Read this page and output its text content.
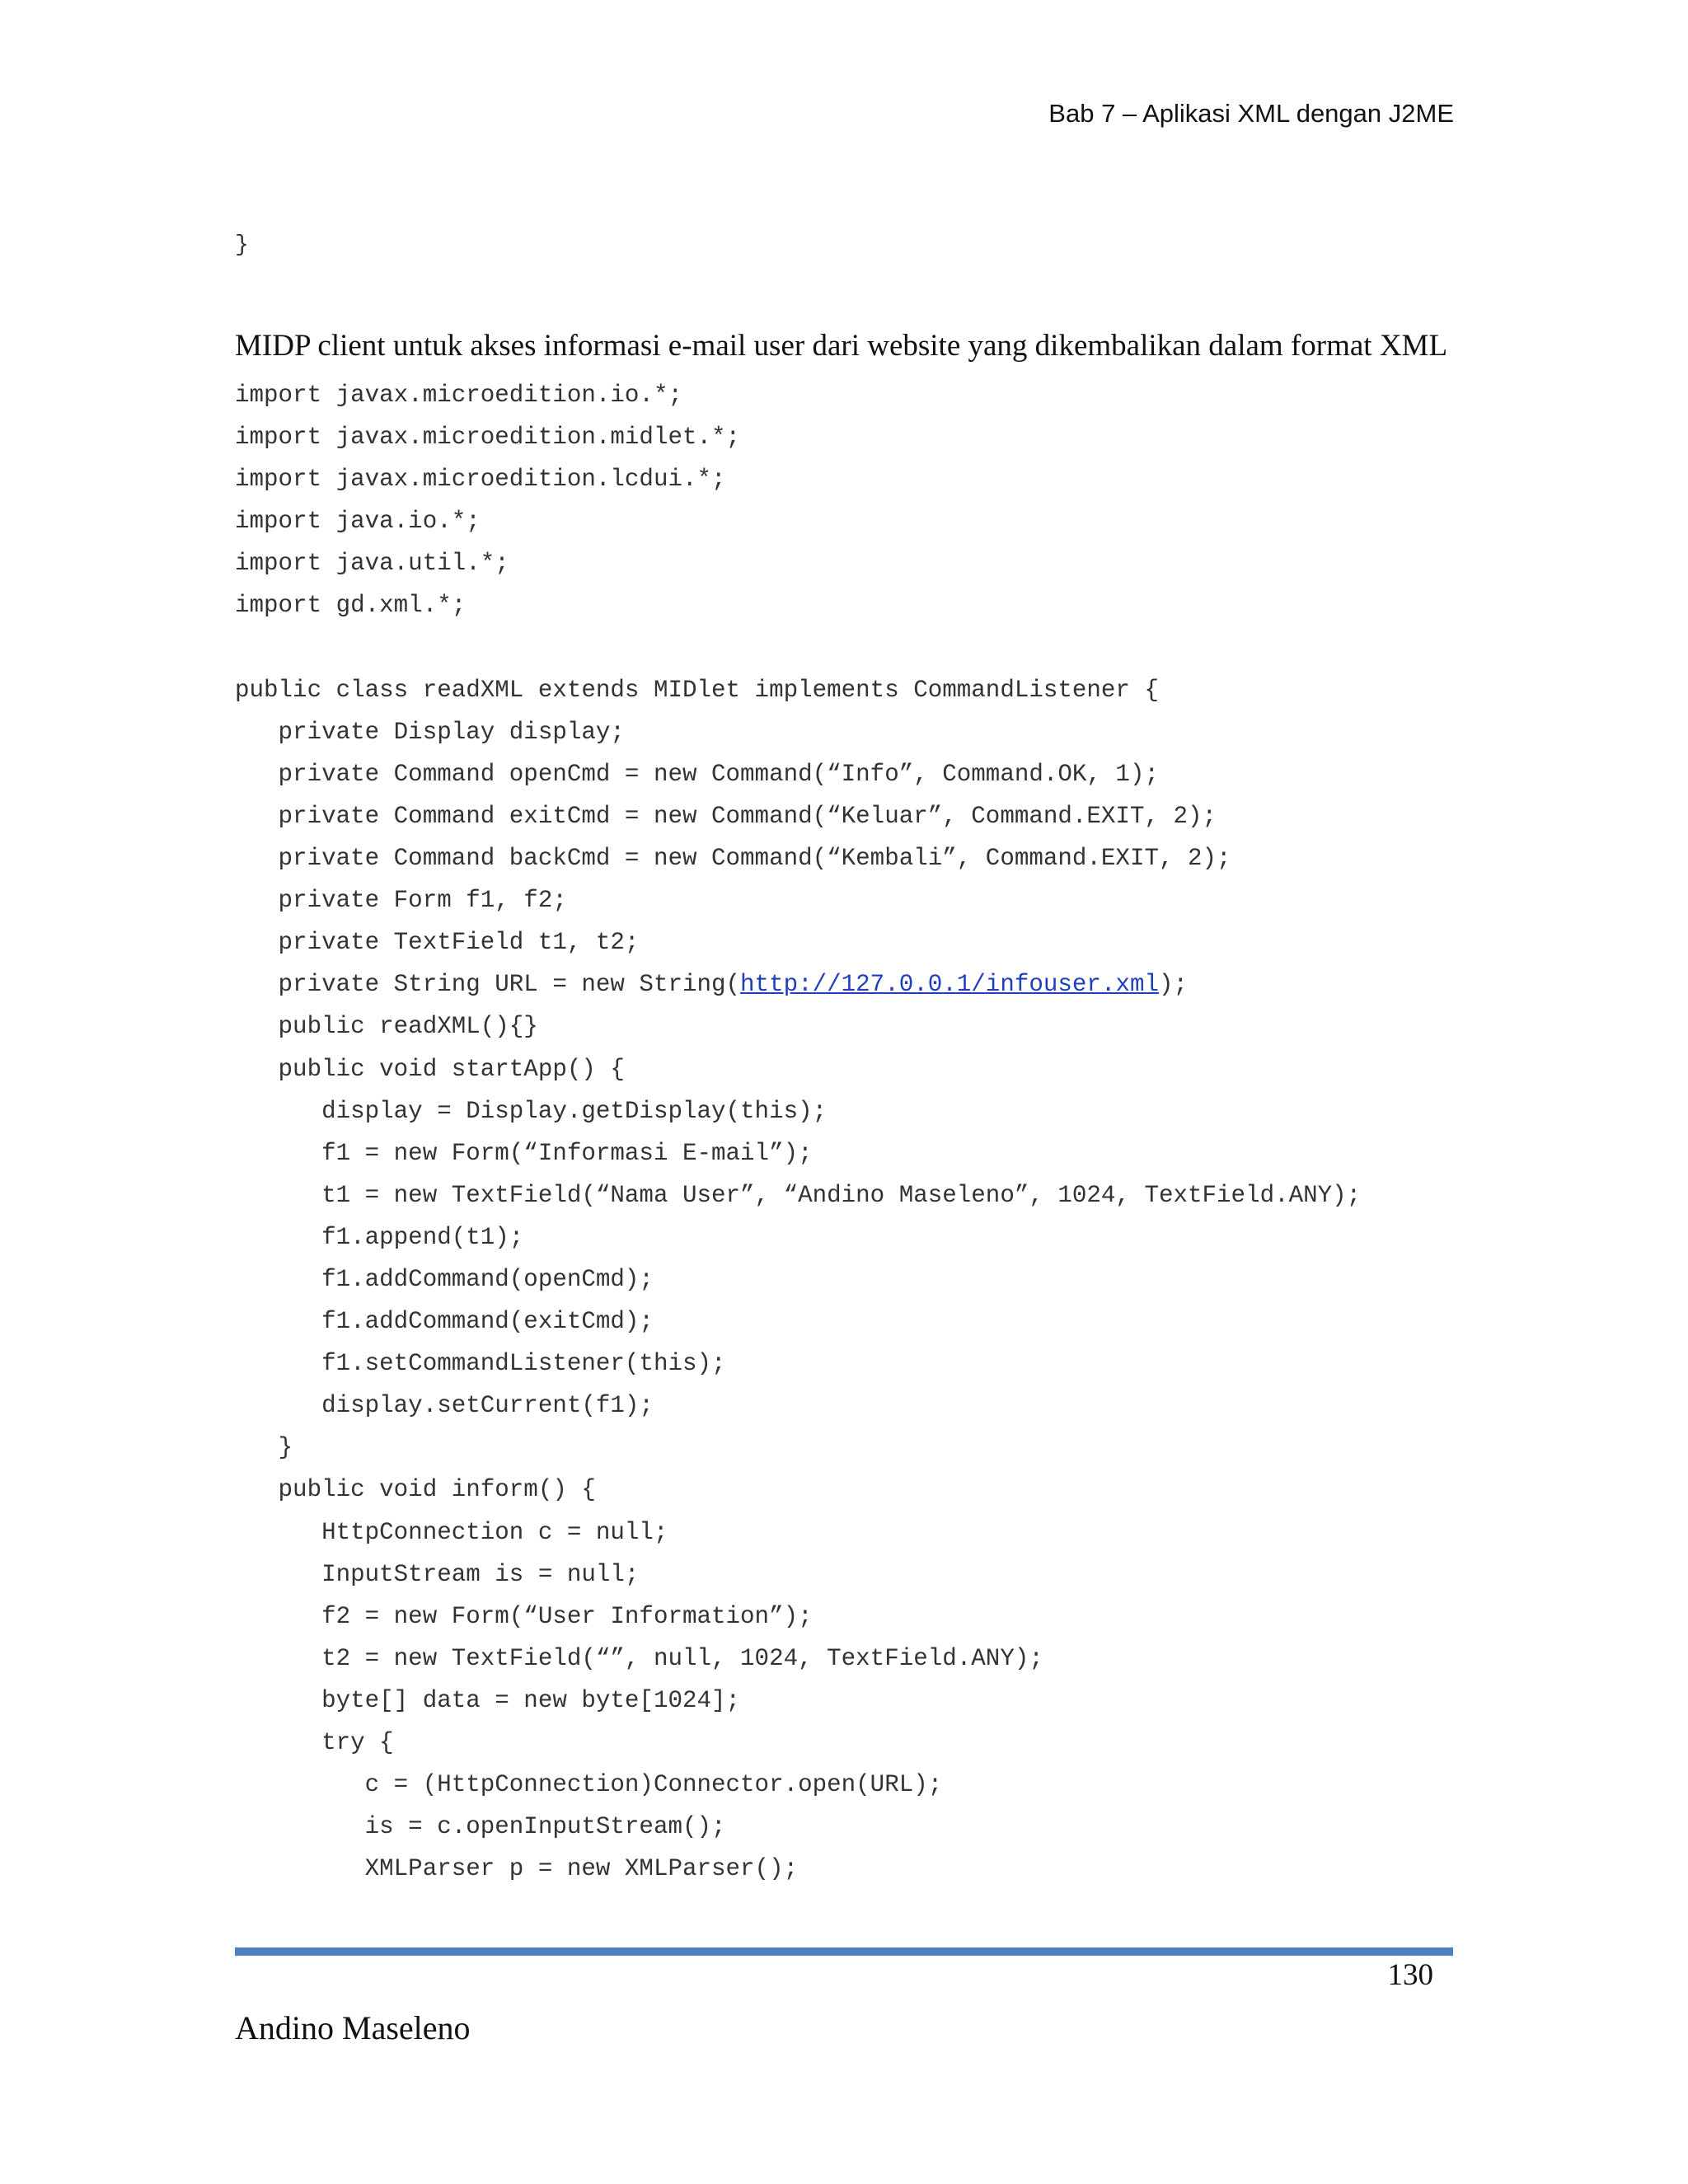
Bab 7 – Aplikasi XML dengan J2ME
}
MIDP client untuk akses informasi e-mail user dari website yang dikembalikan dalam format XML
import javax.microedition.io.*;
import javax.microedition.midlet.*;
import javax.microedition.lcdui.*;
import java.io.*;
import java.util.*;
import gd.xml.*;
public class readXML extends MIDlet implements CommandListener {
private Display display;
private Command openCmd = new Command(“Info”, Command.OK, 1);
private Command exitCmd = new Command(“Keluar”, Command.EXIT, 2);
private Command backCmd = new Command(“Kembali”, Command.EXIT, 2);
private Form f1, f2;
private TextField t1, t2;
private String URL = new String(http://127.0.0.1/infouser.xml);
public readXML(){}
public void startApp() {
display = Display.getDisplay(this);
f1 = new Form(“Informasi E-mail”);
t1 = new TextField(“Nama User”, “Andino Maseleno”, 1024, TextField.ANY);
f1.append(t1);
f1.addCommand(openCmd);
f1.addCommand(exitCmd);
f1.setCommandListener(this);
display.setCurrent(f1);
}
public void inform() {
HttpConnection c = null;
InputStream is = null;
f2 = new Form(“User Information”);
t2 = new TextField(“”, null, 1024, TextField.ANY);
byte[] data = new byte[1024];
try {
c = (HttpConnection)Connector.open(URL);
is = c.openInputStream();
XMLParser p = new XMLParser();
130
Andino Maseleno
